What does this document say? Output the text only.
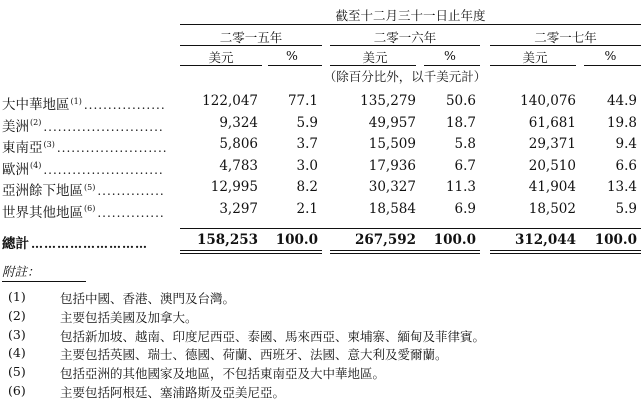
截至十二月三十一日止年度
二零一五年	二零一六年	二零一七年
美元	%	美元	%	美元	%
（除百分比外，以千美元計）
大中華地區$^{(1)}$ .................	122,047	77.1	135,279	50.6	140,076	44.9
美洲$^{(2)}$ .........................	9,324	5.9	49,957	18.7	61,681	19.8
東南亞$^{(3)}$ .......................	5,806	3.7	15,509	5.8	29,371	9.4
歐洲$^{(4)}$ .........................	4,783	3.0	17,936	6.7	20,510	6.6
亞洲餘下地區$^{(5)}$ ..............	12,995	8.2	30,327	11.3	41,904	13.4
世界其他地區$^{(6)}$ ..............	3,297	2.1	18,584	6.9	18,502	5.9
總計 ………………………	158,253	100.0	267,592	100.0	312,044	100.0
附註：
(1)	包括中國、香港、澳門及台灣。
(2)	主要包括美國及加拿大。
(3)	包括新加坡、越南、印度尼西亞、泰國、馬來西亞、柬埔寨、緬甸及菲律賓。
(4)	主要包括英國、瑞士、德國、荷蘭、西班牙、法國、意大利及愛爾蘭。
(5)	包括亞洲的其他國家及地區，不包括東南亞及大中華地區。
(6)	主要包括阿根廷、塞浦路斯及亞美尼亞。
